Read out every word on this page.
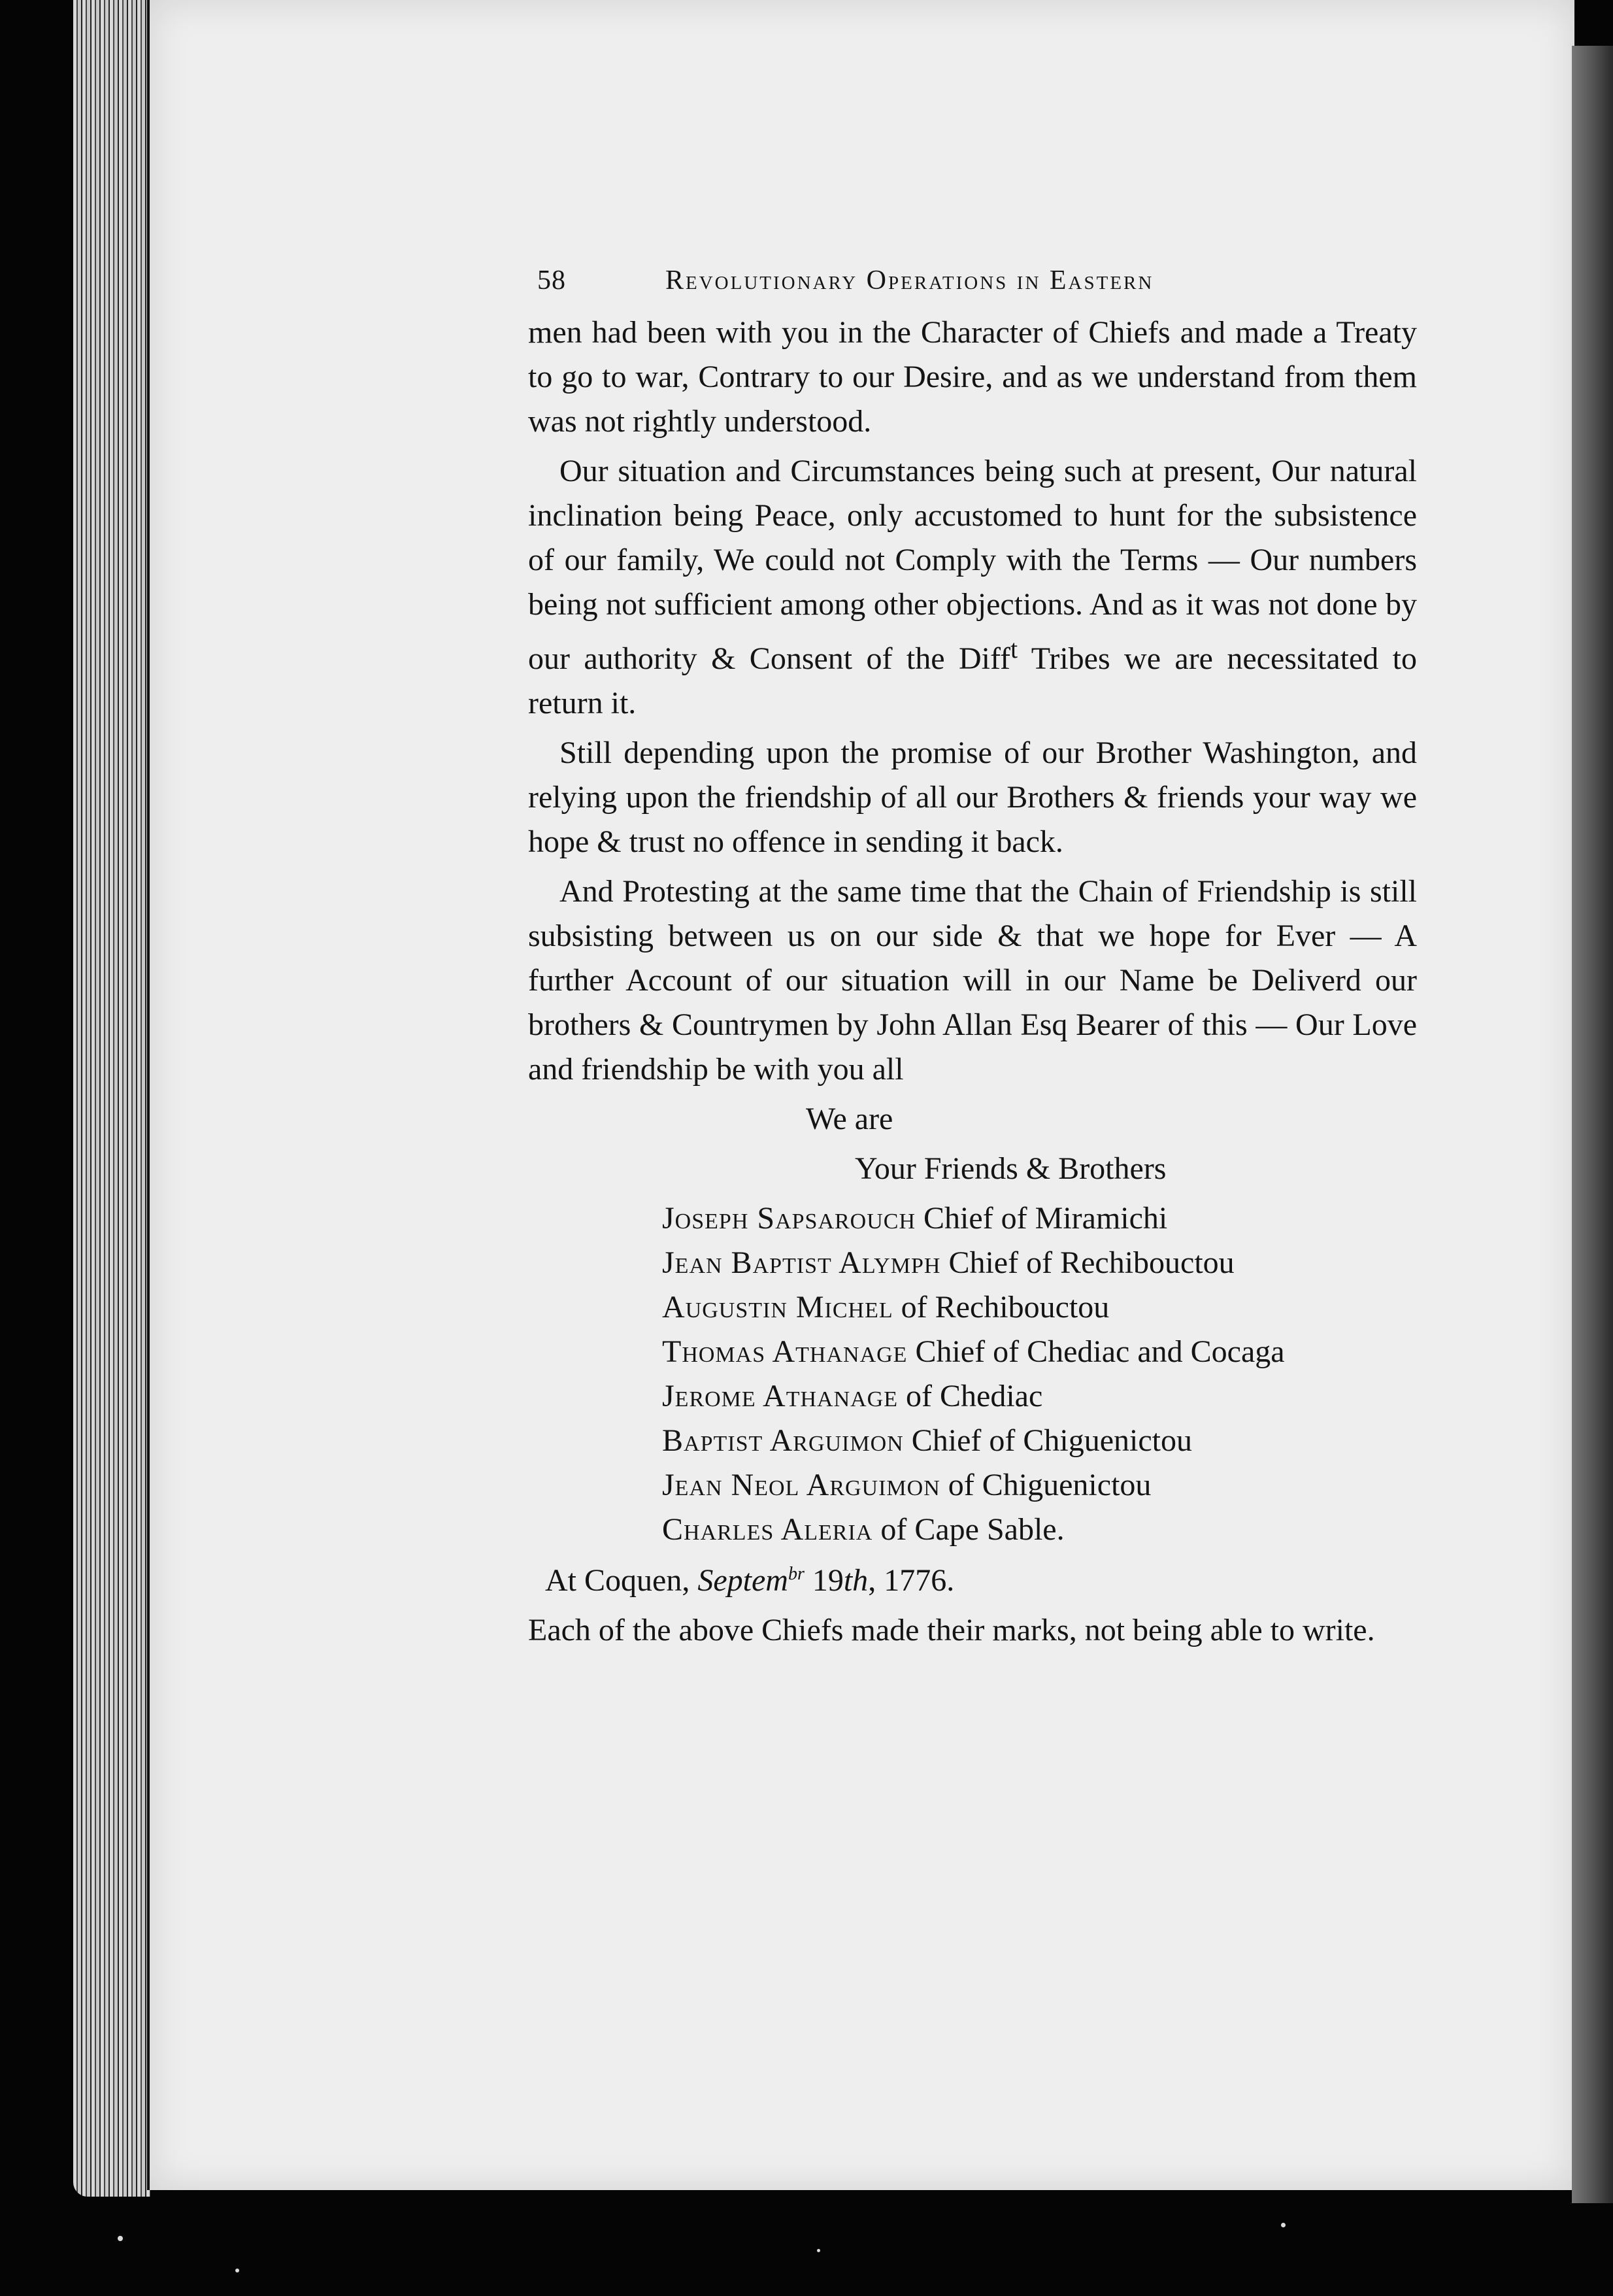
58	Revolutionary Operations in Eastern

men had been with you in the Character of Chiefs and made a Treaty to go to war, Contrary to our Desire, and as we understand from them was not rightly understood.

Our situation and Circumstances being such at present, Our natural inclination being Peace, only accustomed to hunt for the subsistence of our family, We could not Comply with the Terms — Our numbers being not sufficient among other objections. And as it was not done by our authority & Consent of the Diff$^t$ Tribes we are necessitated to return it.

Still depending upon the promise of our Brother Washington, and relying upon the friendship of all our Brothers & friends your way we hope & trust no offence in sending it back.

And Protesting at the same time that the Chain of Friendship is still subsisting between us on our side & that we hope for Ever — A further Account of our situation will in our Name be Deliverd our brothers & Countrymen by John Allan Esq Bearer of this — Our Love and friendship be with you all

We are

Your Friends & Brothers

Joseph Sapsarouch Chief of Miramichi
Jean Baptist Alymph Chief of Rechibouctou
Augustin Michel of Rechibouctou
Thomas Athanage Chief of Chediac and Cocaga
Jerome Athanage of Chediac
Baptist Arguimon Chief of Chiguenictou
Jean Neol Arguimon of Chiguenictou
Charles Aleria of Cape Sable.

At Coquen, Septem$^{br}$ 19th, 1776.

Each of the above Chiefs made their marks, not being able to write.
